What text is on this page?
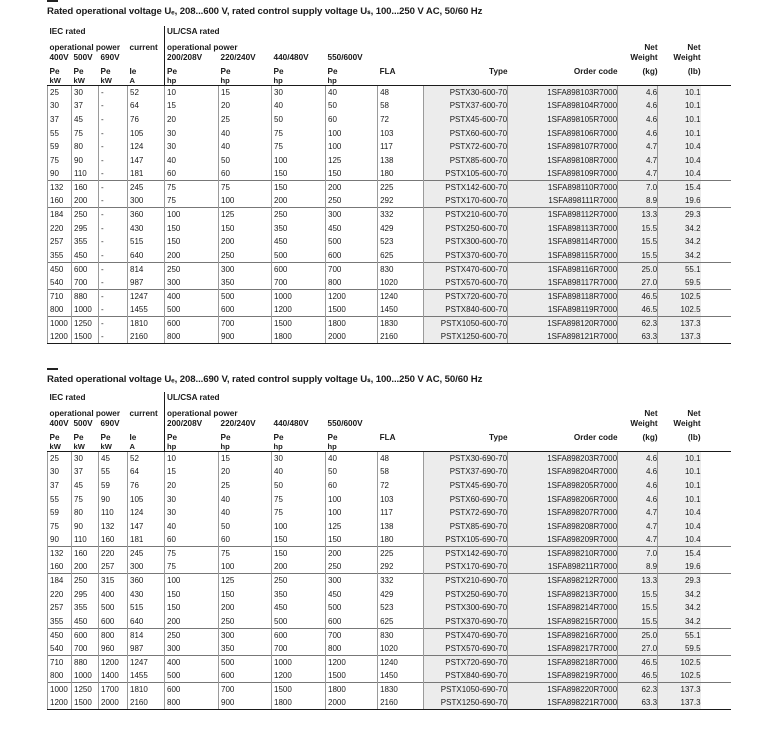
Rated operational voltage Uₑ, 208...600 V, rated control supply voltage Uₛ, 100...250 V AC, 50/60 Hz
IEC rated				UL/CSA rated									
operational power			current	operational power							Net	Net	
400V	500V	690V		200/208V	220/240V	440/480V	550/600V				Weight	Weight	
Pe	Pe	Pe	Ie	Pe	Pe	Pe	Pe	FLA	Type	Order code	(kg)	(lb)	
kW	kW	kW	A	hp	hp	hp	hp						
25	30	-	52	10	15	30	40	48	PSTX30-600-70	1SFA898103R7000	4.6	10.1	
30	37	-	64	15	20	40	50	58	PSTX37-600-70	1SFA898104R7000	4.6	10.1	
37	45	-	76	20	25	50	60	72	PSTX45-600-70	1SFA898105R7000	4.6	10.1	
55	75	-	105	30	40	75	100	103	PSTX60-600-70	1SFA898106R7000	4.6	10.1	
59	80	-	124	30	40	75	100	117	PSTX72-600-70	1SFA898107R7000	4.7	10.4	
75	90	-	147	40	50	100	125	138	PSTX85-600-70	1SFA898108R7000	4.7	10.4	
90	110	-	181	60	60	150	150	180	PSTX105-600-70	1SFA898109R7000	4.7	10.4	
132	160	-	245	75	75	150	200	225	PSTX142-600-70	1SFA898110R7000	7.0	15.4	
160	200	-	300	75	100	200	250	292	PSTX170-600-70	1SFA898111R7000	8.9	19.6	
184	250	-	360	100	125	250	300	332	PSTX210-600-70	1SFA898112R7000	13.3	29.3	
220	295	-	430	150	150	350	450	429	PSTX250-600-70	1SFA898113R7000	15.5	34.2	
257	355	-	515	150	200	450	500	523	PSTX300-600-70	1SFA898114R7000	15.5	34.2	
355	450	-	640	200	250	500	600	625	PSTX370-600-70	1SFA898115R7000	15.5	34.2	
450	600	-	814	250	300	600	700	830	PSTX470-600-70	1SFA898116R7000	25.0	55.1	
540	700	-	987	300	350	700	800	1020	PSTX570-600-70	1SFA898117R7000	27.0	59.5	
710	880	-	1247	400	500	1000	1200	1240	PSTX720-600-70	1SFA898118R7000	46.5	102.5	
800	1000	-	1455	500	600	1200	1500	1450	PSTX840-600-70	1SFA898119R7000	46.5	102.5	
1000	1250	-	1810	600	700	1500	1800	1830	PSTX1050-600-70	1SFA898120R7000	62.3	137.3	
1200	1500	-	2160	800	900	1800	2000	2160	PSTX1250-600-70	1SFA898121R7000	63.3	137.3	
Rated operational voltage Uₑ, 208...690 V, rated control supply voltage Uₛ, 100...250 V AC, 50/60 Hz
IEC rated				UL/CSA rated									
operational power			current	operational power							Net	Net	
400V	500V	690V		200/208V	220/240V	440/480V	550/600V				Weight	Weight	
Pe	Pe	Pe	Ie	Pe	Pe	Pe	Pe	FLA	Type	Order code	(kg)	(lb)	
kW	kW	kW	A	hp	hp	hp	hp						
25	30	45	52	10	15	30	40	48	PSTX30-690-70	1SFA898203R7000	4.6	10.1	
30	37	55	64	15	20	40	50	58	PSTX37-690-70	1SFA898204R7000	4.6	10.1	
37	45	59	76	20	25	50	60	72	PSTX45-690-70	1SFA898205R7000	4.6	10.1	
55	75	90	105	30	40	75	100	103	PSTX60-690-70	1SFA898206R7000	4.6	10.1	
59	80	110	124	30	40	75	100	117	PSTX72-690-70	1SFA898207R7000	4.7	10.4	
75	90	132	147	40	50	100	125	138	PSTX85-690-70	1SFA898208R7000	4.7	10.4	
90	110	160	181	60	60	150	150	180	PSTX105-690-70	1SFA898209R7000	4.7	10.4	
132	160	220	245	75	75	150	200	225	PSTX142-690-70	1SFA898210R7000	7.0	15.4	
160	200	257	300	75	100	200	250	292	PSTX170-690-70	1SFA898211R7000	8.9	19.6	
184	250	315	360	100	125	250	300	332	PSTX210-690-70	1SFA898212R7000	13.3	29.3	
220	295	400	430	150	150	350	450	429	PSTX250-690-70	1SFA898213R7000	15.5	34.2	
257	355	500	515	150	200	450	500	523	PSTX300-690-70	1SFA898214R7000	15.5	34.2	
355	450	600	640	200	250	500	600	625	PSTX370-690-70	1SFA898215R7000	15.5	34.2	
450	600	800	814	250	300	600	700	830	PSTX470-690-70	1SFA898216R7000	25.0	55.1	
540	700	960	987	300	350	700	800	1020	PSTX570-690-70	1SFA898217R7000	27.0	59.5	
710	880	1200	1247	400	500	1000	1200	1240	PSTX720-690-70	1SFA898218R7000	46.5	102.5	
800	1000	1400	1455	500	600	1200	1500	1450	PSTX840-690-70	1SFA898219R7000	46.5	102.5	
1000	1250	1700	1810	600	700	1500	1800	1830	PSTX1050-690-70	1SFA898220R7000	62.3	137.3	
1200	1500	2000	2160	800	900	1800	2000	2160	PSTX1250-690-70	1SFA898221R7000	63.3	137.3	
